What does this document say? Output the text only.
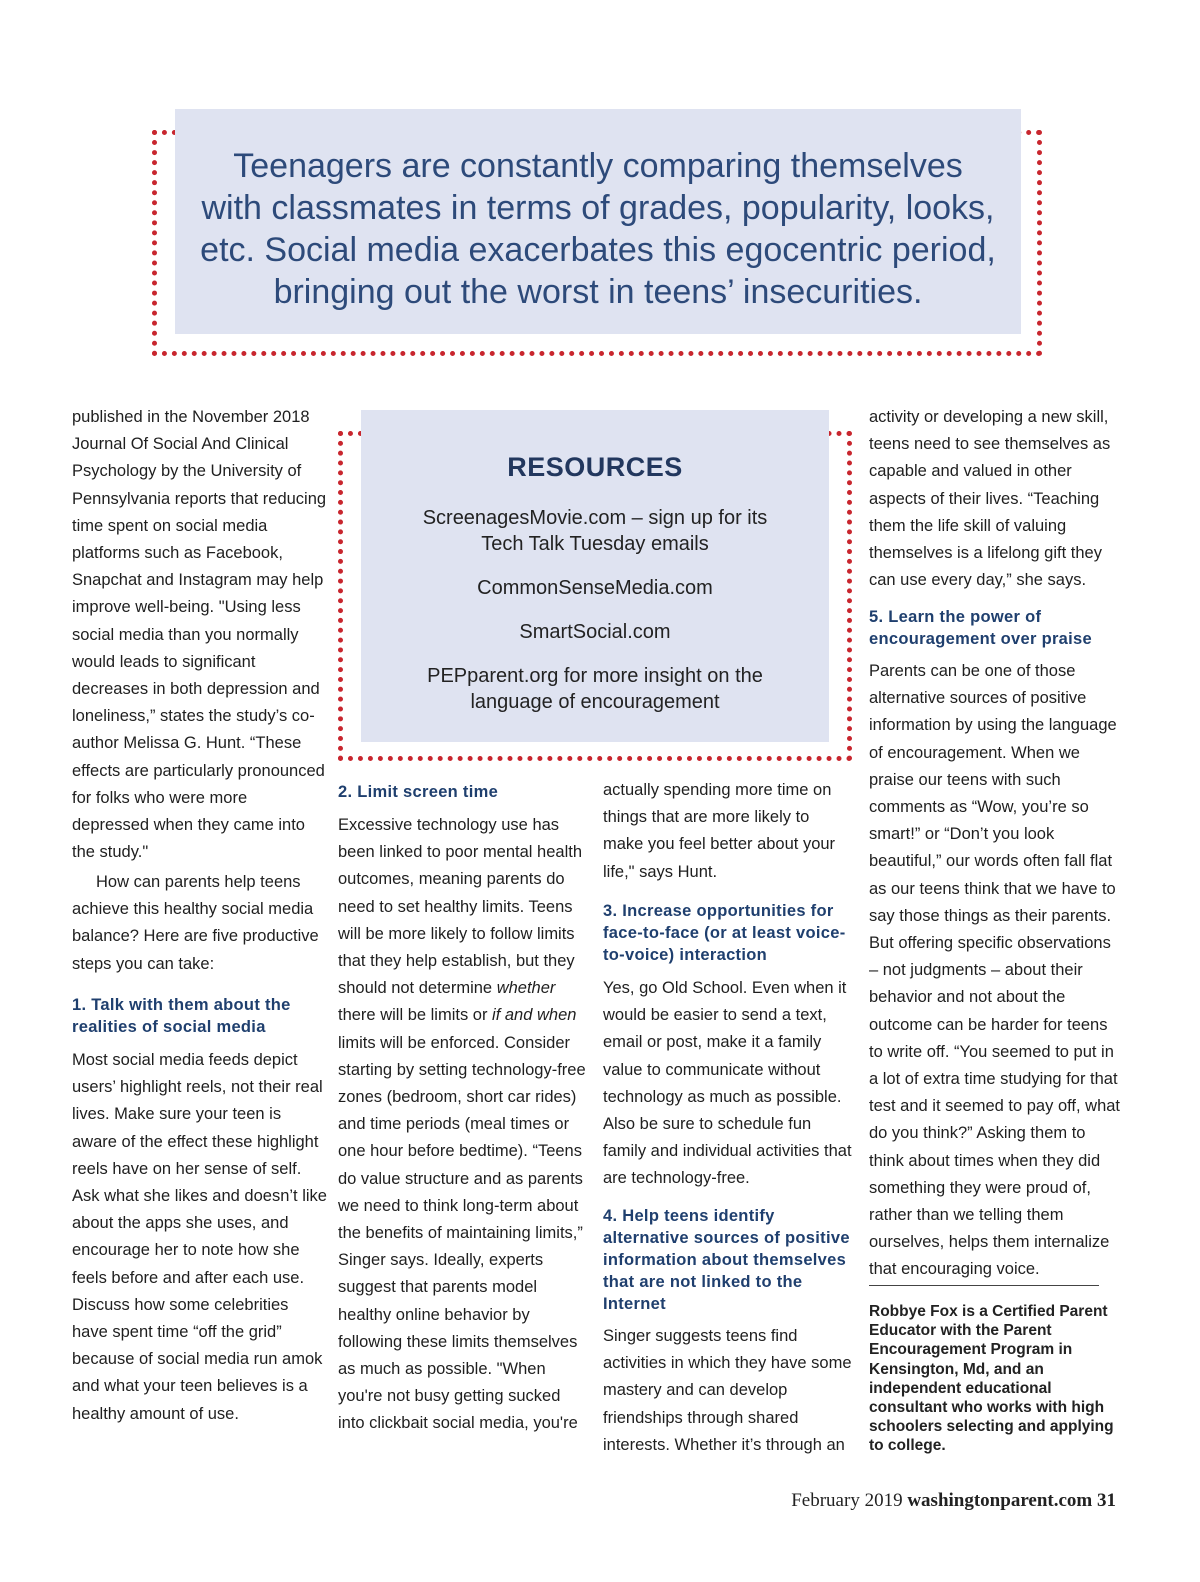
Teenagers are constantly comparing themselves with classmates in terms of grades, popularity, looks, etc. Social media exacerbates this egocentric period, bringing out the worst in teens’ insecurities.
RESOURCES
ScreenagesMovie.com – sign up for its Tech Talk Tuesday emails
CommonSenseMedia.com
SmartSocial.com
PEPparent.org for more insight on the language of encouragement

published in the November 2018 Journal Of Social And Clinical Psychology by the University of Pennsylvania reports that reducing time spent on social media platforms such as Facebook, Snapchat and Instagram may help improve well-being. "Using less social media than you normally would leads to significant decreases in both depression and loneliness,” states the study’s co-author Melissa G. Hunt. “These effects are particularly pronounced for folks who were more depressed when they came into the study."

How can parents help teens achieve this healthy social media balance? Here are five productive steps you can take:

1. Talk with them about the realities of social media

Most social media feeds depict users’ highlight reels, not their real lives. Make sure your teen is aware of the effect these highlight reels have on her sense of self. Ask what she likes and doesn’t like about the apps she uses, and encourage her to note how she feels before and after each use. Discuss how some celebrities have spent time “off the grid” because of social media run amok and what your teen believes is a healthy amount of use.

2. Limit screen time

Excessive technology use has been linked to poor mental health outcomes, meaning parents do need to set healthy limits. Teens will be more likely to follow limits that they help establish, but they should not determine whether there will be limits or if and when limits will be enforced. Consider starting by setting technology-free zones (bedroom, short car rides) and time periods (meal times or one hour before bedtime). “Teens do value structure and as parents we need to think long-term about the benefits of maintaining limits,” Singer says. Ideally, experts suggest that parents model healthy online behavior by following these limits themselves as much as possible. "When you're not busy getting sucked into clickbait social media, you're

actually spending more time on things that are more likely to make you feel better about your life," says Hunt.

3. Increase opportunities for face-to-face (or at least voice-to-voice) interaction

Yes, go Old School. Even when it would be easier to send a text, email or post, make it a family value to communicate without technology as much as possible. Also be sure to schedule fun family and individual activities that are technology-free.

4. Help teens identify alternative sources of positive information about themselves that are not linked to the Internet

Singer suggests teens find activities in which they have some mastery and can develop friendships through shared interests. Whether it’s through an

activity or developing a new skill, teens need to see themselves as capable and valued in other aspects of their lives. “Teaching them the life skill of valuing themselves is a lifelong gift they can use every day,” she says.

5. Learn the power of encouragement over praise

Parents can be one of those alternative sources of positive information by using the language of encouragement. When we praise our teens with such comments as “Wow, you’re so smart!” or “Don’t you look beautiful,” our words often fall flat as our teens think that we have to say those things as their parents. But offering specific observations – not judgments – about their behavior and not about the outcome can be harder for teens to write off. “You seemed to put in a lot of extra time studying for that test and it seemed to pay off, what do you think?” Asking them to think about times when they did something they were proud of, rather than we telling them ourselves, helps them internalize that encouraging voice.

Robbye Fox is a Certified Parent Educator with the Parent Encouragement Program in Kensington, Md, and an independent educational consultant who works with high schoolers selecting and applying to college.
February 2019 washingtonparent.com 31
